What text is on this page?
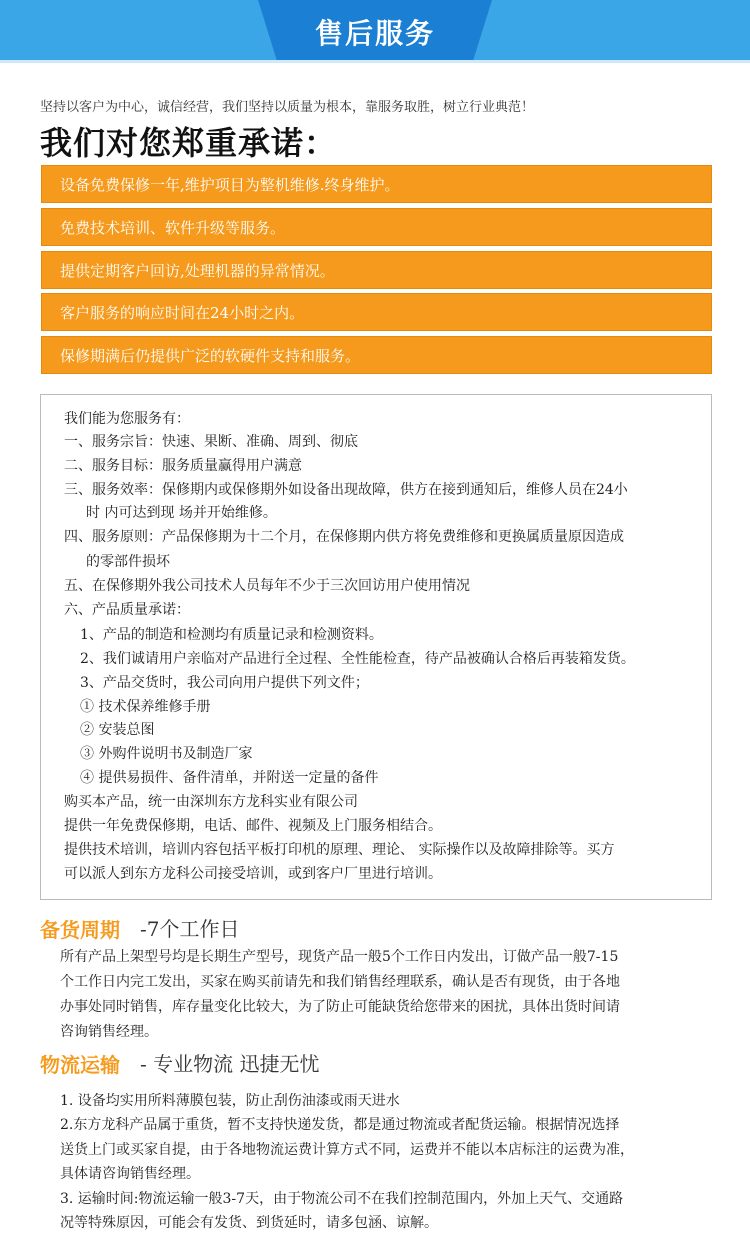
售后服务
坚持以客户为中心，诚信经营，我们坚持以质量为根本，靠服务取胜，树立行业典范！
我们对您郑重承诺：
设备免费保修一年,维护项目为整机维修.终身维护。
免费技术培训、软件升级等服务。
提供定期客户回访,处理机器的异常情况。
客户服务的响应时间在24小时之内。
保修期满后仍提供广泛的软硬件支持和服务。
我们能为您服务有：
一、服务宗旨：快速、果断、准确、周到、彻底
二、服务目标：服务质量赢得用户满意
三、服务效率：保修期内或保修期外如设备出现故障，供方在接到通知后，维修人员在24小
时 内可达到现 场并开始维修。
四、服务原则：产品保修期为十二个月，在保修期内供方将免费维修和更换属质量原因造成
的零部件损坏
五、在保修期外我公司技术人员每年不少于三次回访用户使用情况
六、产品质量承诺：
1、产品的制造和检测均有质量记录和检测资料。
2、我们诚请用户亲临对产品进行全过程、全性能检查，待产品被确认合格后再装箱发货。
3、产品交货时，我公司向用户提供下列文件；
① 技术保养维修手册
② 安装总图
③ 外购件说明书及制造厂家
④ 提供易损件、备件清单，并附送一定量的备件
购买本产品，统一由深圳东方龙科实业有限公司
提供一年免费保修期，电话、邮件、视频及上门服务相结合。
提供技术培训，培训内容包括平板打印机的原理、理论、 实际操作以及故障排除等。买方
可以派人到东方龙科公司接受培训，或到客户厂里进行培训。
备货周期 -7个工作日
所有产品上架型号均是长期生产型号，现货产品一般5个工作日内发出，订做产品一般7-15
个工作日内完工发出，买家在购买前请先和我们销售经理联系，确认是否有现货，由于各地
办事处同时销售，库存量变化比较大，为了防止可能缺货给您带来的困扰，具体出货时间请
咨询销售经理。
物流运输 - 专业物流 迅捷无忧
1. 设备均实用所料薄膜包装，防止刮伤油漆或雨天进水
2.东方龙科产品属于重货，暂不支持快递发货，都是通过物流或者配货运输。根据情况选择
送货上门或买家自提，由于各地物流运费计算方式不同，运费并不能以本店标注的运费为准，
具体请咨询销售经理。
3. 运输时间:物流运输一般3-7天，由于物流公司不在我们控制范围内，外加上天气、交通路
况等特殊原因，可能会有发货、到货延时，请多包涵、谅解。
